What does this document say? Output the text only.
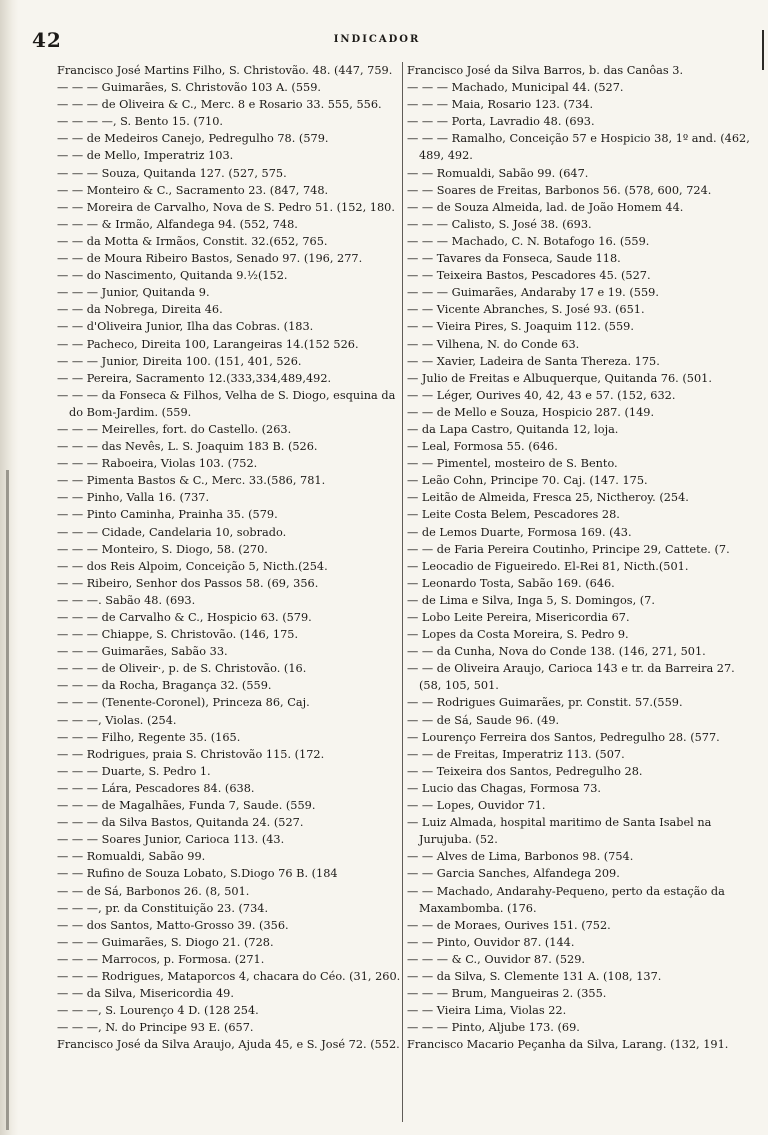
42	INDICADOR

Francisco José Martins Filho, S. Christovão. 48. (447, 759.

— — — Guimarães, S. Christovão 103 A. (559.

— — — de Oliveira & C., Merc. 8 e Rosario 33. 555, 556.

— — — —, S. Bento 15. (710.

— — de Medeiros Canejo, Pedregulho 78. (579.

— — de Mello, Imperatriz 103.

— — — Souza, Quitanda 127. (527, 575.

— — Monteiro & C., Sacramento 23. (847, 748.

— — Moreira de Carvalho, Nova de S. Pedro 51. (152, 180.

— — — & Irmão, Alfandega 94. (552, 748.

— — da Motta & Irmãos, Constit. 32.(652, 765.

— — de Moura Ribeiro Bastos, Senado 97. (196, 277.

— — do Nascimento, Quitanda 9.½(152.

— — — Junior, Quitanda 9.

— — da Nobrega, Direita 46.

— — d'Oliveira Junior, Ilha das Cobras. (183.

— — Pacheco, Direita 100, Larangeiras 14.(152 526.

— — — Junior, Direita 100. (151, 401, 526.

— — Pereira, Sacramento 12.(333,334,489,492.

— — — da Fonseca & Filhos, Velha de S. Diogo, esquina da do Bom-Jardim. (559.

— — — Meirelles, fort. do Castello. (263.

— — — das Nevês, L. S. Joaquim 183 B. (526.

— — — Raboeira, Violas 103. (752.

— — Pimenta Bastos & C., Merc. 33.(586, 781.

— — Pinho, Valla 16. (737.

— — Pinto Caminha, Prainha 35. (579.

— — — Cidade, Candelaria 10, sobrado.

— — — Monteiro, S. Diogo, 58. (270.

— — dos Reis Alpoim, Conceição 5, Nicth.(254.

— — Ribeiro, Senhor dos Passos 58. (69, 356.

— — —. Sabão 48. (693.

— — — de Carvalho & C., Hospicio 63. (579.

— — — Chiappe, S. Christovão. (146, 175.

— — — Guimarães, Sabão 33.

— — — de Oliveir·, p. de S. Christovão. (16.

— — — da Rocha, Bragança 32. (559.

— — — (Tenente-Coronel), Princeza 86, Caj.

— — —, Violas. (254.

— — — Filho, Regente 35. (165.

— — Rodrigues, praia S. Christovão 115. (172.

— — — Duarte, S. Pedro 1.

— — — Lára, Pescadores 84. (638.

— — — de Magalhães, Funda 7, Saude. (559.

— — — da Silva Bastos, Quitanda 24. (527.

— — — Soares Junior, Carioca 113. (43.

— — Romualdi, Sabão 99.

— — Rufino de Souza Lobato, S.Diogo 76 B. (184

— — de Sá, Barbonos 26. (8, 501.

— — —, pr. da Constituição 23. (734.

— — dos Santos, Matto-Grosso 39. (356.

— — — Guimarães, S. Diogo 21. (728.

— — — Marrocos, p. Formosa. (271.

— — — Rodrigues, Mataporcos 4, chacara do Céo. (31, 260.

— — da Silva, Misericordia 49.

— — —, S. Lourenço 4 D. (128 254.

— — —, N. do Principe 93 E. (657.

Francisco José da Silva Araujo, Ajuda 45, e S. José 72. (552.

Francisco José da Silva Barros, b. das Canôas 3.

— — — Machado, Municipal 44. (527.

— — — Maia, Rosario 123. (734.

— — — Porta, Lavradio 48. (693.

— — — Ramalho, Conceição 57 e Hospicio 38, 1º and. (462, 489, 492.

— — Romualdi, Sabão 99. (647.

— — Soares de Freitas, Barbonos 56. (578, 600, 724.

— — de Souza Almeida, lad. de João Homem 44.

— — — Calisto, S. José 38. (693.

— — — Machado, C. N. Botafogo 16. (559.

— — Tavares da Fonseca, Saude 118.

— — Teixeira Bastos, Pescadores 45. (527.

— — — Guimarães, Andaraby 17 e 19. (559.

— — Vicente Abranches, S. José 93. (651.

— — Vieira Pires, S. Joaquim 112. (559.

— — Vilhena, N. do Conde 63.

— — Xavier, Ladeira de Santa Thereza. 175.

— Julio de Freitas e Albuquerque, Quitanda 76. (501.

— — Léger, Ourives 40, 42, 43 e 57. (152, 632.

— — de Mello e Souza, Hospicio 287. (149.

— da Lapa Castro, Quitanda 12, loja.

— Leal, Formosa 55. (646.

— — Pimentel, mosteiro de S. Bento.

— Leão Cohn, Principe 70. Caj. (147. 175.

— Leitão de Almeida, Fresca 25, Nictheroy. (254.

— Leite Costa Belem, Pescadores 28.

— de Lemos Duarte, Formosa 169. (43.

— — de Faria Pereira Coutinho, Principe 29, Cattete. (7.

— Leocadio de Figueiredo. El-Rei 81, Nicth.(501.

— Leonardo Tosta, Sabão 169. (646.

— de Lima e Silva, Inga 5, S. Domingos, (7.

— Lobo Leite Pereira, Misericordia 67.

— Lopes da Costa Moreira, S. Pedro 9.

— — da Cunha, Nova do Conde 138. (146, 271, 501.

— — de Oliveira Araujo, Carioca 143 e tr. da Barreira 27. (58, 105, 501.

— — Rodrigues Guimarães, pr. Constit. 57.(559.

— — de Sá, Saude 96. (49.

— Lourenço Ferreira dos Santos, Pedregulho 28. (577.

— — de Freitas, Imperatriz 113. (507.

— — Teixeira dos Santos, Pedregulho 28.

— Lucio das Chagas, Formosa 73.

— — Lopes, Ouvidor 71.

— Luiz Almada, hospital maritimo de Santa Isabel na Jurujuba. (52.

— — Alves de Lima, Barbonos 98. (754.

— — Garcia Sanches, Alfandega 209.

— — Machado, Andarahy-Pequeno, perto da estação da Maxambomba. (176.

— — de Moraes, Ourives 151. (752.

— — Pinto, Ouvidor 87. (144.

— — — & C., Ouvidor 87. (529.

— — da Silva, S. Clemente 131 A. (108, 137.

— — — Brum, Mangueiras 2. (355.

— — Vieira Lima, Violas 22.

— — — Pinto, Aljube 173. (69.

Francisco Macario Peçanha da Silva, Larang. (132, 191.
